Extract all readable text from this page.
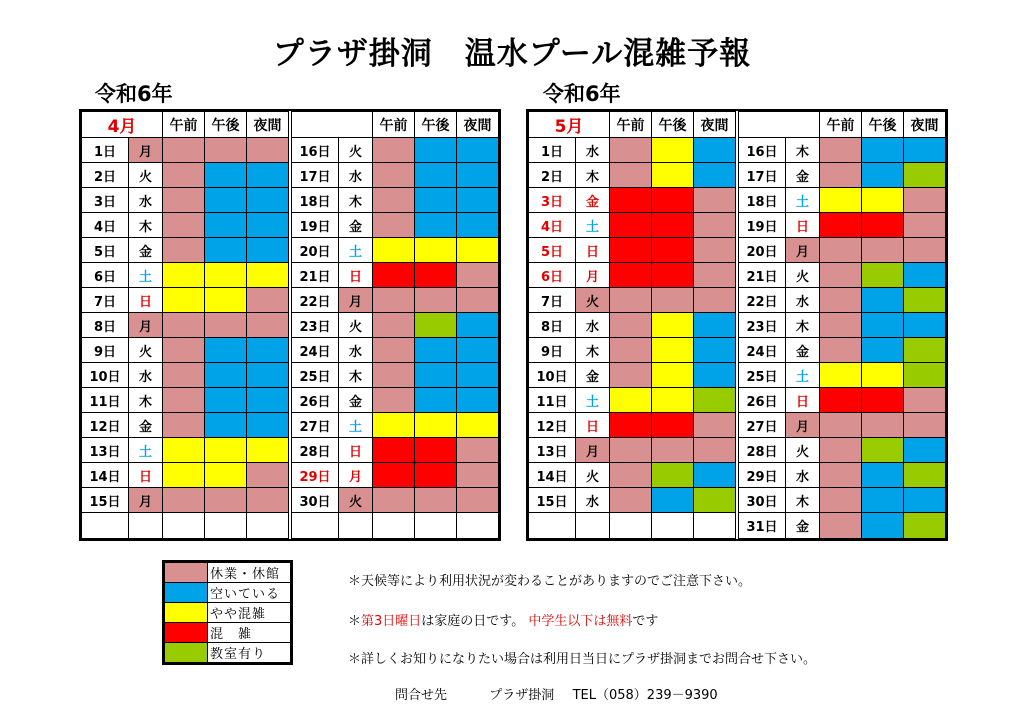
プラザ掛洞　温水プール混雑予報
令和6年	令和6年
4月		午前	午後	夜間				午前	午後	夜間
1日	月					16日	火			
2日	火					17日	水			
3日	水					18日	木			
4日	木					19日	金			
5日	金					20日	土			
6日	土					21日	日			
7日	日					22日	月			
8日	月					23日	火			
9日	火					24日	水			
10日	水					25日	木			
11日	木					26日	金			
12日	金					27日	土			
13日	土					28日	日			
14日	日					29日	月			
15日	月					30日	火			

5月		午前	午後	夜間				午前	午後	夜間
1日	水					16日	木			
2日	木					17日	金			
3日	金					18日	土			
4日	土					19日	日			
5日	日					20日	月			
6日	月					21日	火			
7日	火					22日	水			
8日	水					23日	木			
9日	木					24日	金			
10日	金					25日	土			
11日	土					26日	日			
12日	日					27日	月			
13日	月					28日	火			
14日	火					29日	水			
15日	水					30日	木			
						31日	金			
	休業・休館
	空いている
	やや混雑
	混　雑
	教室有り
＊天候等により利用状況が変わることがありますのでご注意下さい。
＊第3日曜日は家庭の日です。 中学生以下は無料です
＊詳しくお知りになりたい場合は利用日当日にプラザ掛洞までお問合せ下さい。
問合せ先	プラザ掛洞 TEL（058）239－9390
